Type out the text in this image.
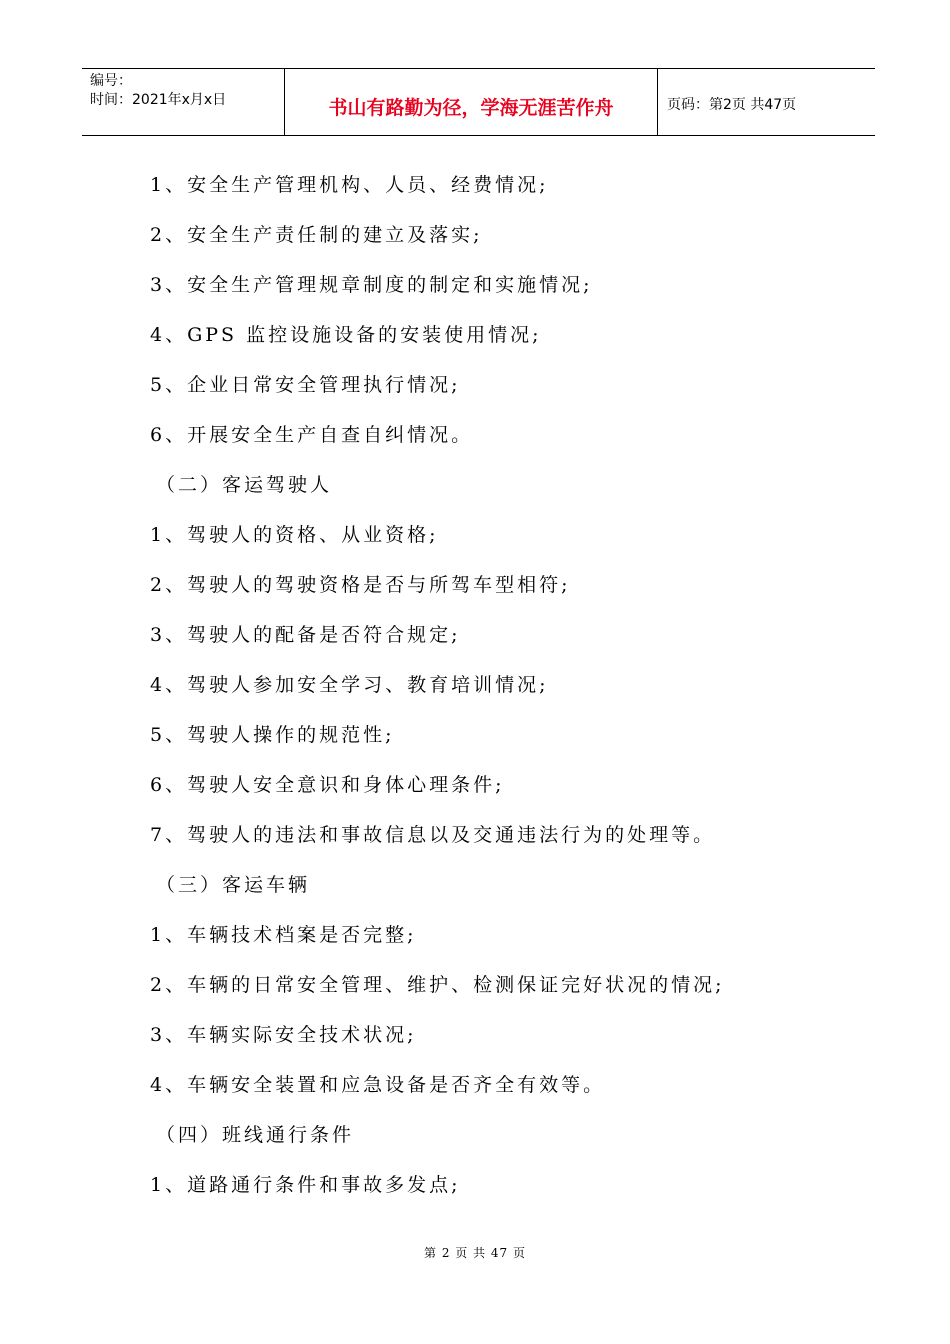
编号：
时间：2021年x月x日	书山有路勤为径，学海无涯苦作舟	页码：第2页 共47页
1、安全生产管理机构、人员、经费情况;
2、安全生产责任制的建立及落实;
3、安全生产管理规章制度的制定和实施情况;
4、GPS 监控设施设备的安装使用情况;
5、企业日常安全管理执行情况;
6、开展安全生产自查自纠情况。
（二）客运驾驶人
1、驾驶人的资格、从业资格;
2、驾驶人的驾驶资格是否与所驾车型相符;
3、驾驶人的配备是否符合规定;
4、驾驶人参加安全学习、教育培训情况;
5、驾驶人操作的规范性;
6、驾驶人安全意识和身体心理条件;
7、驾驶人的违法和事故信息以及交通违法行为的处理等。
（三）客运车辆
1、车辆技术档案是否完整;
2、车辆的日常安全管理、维护、检测保证完好状况的情况;
3、车辆实际安全技术状况;
4、车辆安全装置和应急设备是否齐全有效等。
（四）班线通行条件
1、道路通行条件和事故多发点;
第 2 页 共 47 页
